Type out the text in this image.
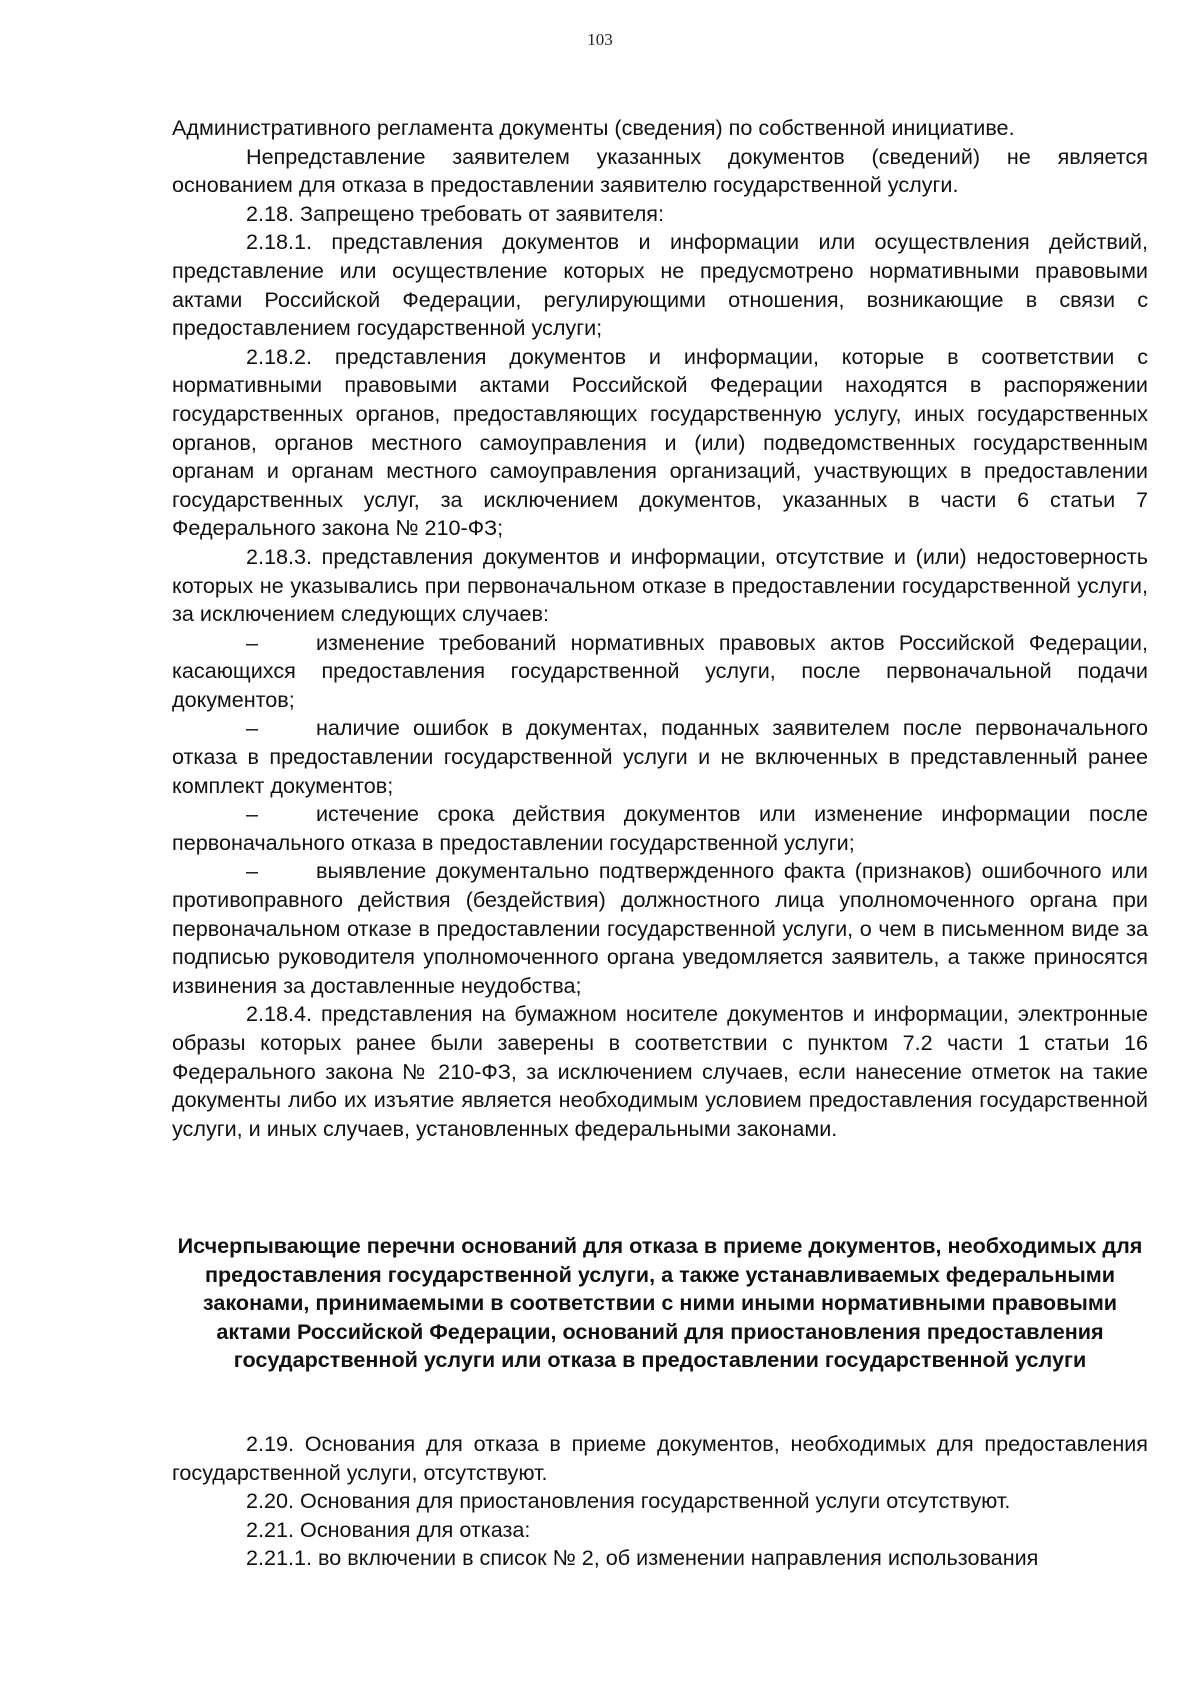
103

Административного регламента документы (сведения) по собственной инициативе.

Непредставление заявителем указанных документов (сведений) не является основанием для отказа в предоставлении заявителю государственной услуги.

2.18. Запрещено требовать от заявителя:

2.18.1. представления документов и информации или осуществления действий, представление или осуществление которых не предусмотрено нормативными правовыми актами Российской Федерации, регулирующими отношения, возникающие в связи с предоставлением государственной услуги;

2.18.2. представления документов и информации, которые в соответствии с нормативными правовыми актами Российской Федерации находятся в распоряжении государственных органов, предоставляющих государственную услугу, иных государственных органов, органов местного самоуправления и (или) подведомственных государственным органам и органам местного самоуправления организаций, участвующих в предоставлении государственных услуг, за исключением документов, указанных в части 6 статьи 7 Федерального закона № 210-ФЗ;

2.18.3. представления документов и информации, отсутствие и (или) недостоверность которых не указывались при первоначальном отказе в предоставлении государственной услуги, за исключением следующих случаев:

–	изменение требований нормативных правовых актов Российской Федерации, касающихся предоставления государственной услуги, после первоначальной подачи документов;

–	наличие ошибок в документах, поданных заявителем после первоначального отказа в предоставлении государственной услуги и не включенных в представленный ранее комплект документов;

–	истечение срока действия документов или изменение информации после первоначального отказа в предоставлении государственной услуги;

–	выявление документально подтвержденного факта (признаков) ошибочного или противоправного действия (бездействия) должностного лица уполномоченного органа при первоначальном отказе в предоставлении государственной услуги, о чем в письменном виде за подписью руководителя уполномоченного органа уведомляется заявитель, а также приносятся извинения за доставленные неудобства;

2.18.4. представления на бумажном носителе документов и информации, электронные образы которых ранее были заверены в соответствии с пунктом 7.2 части 1 статьи 16 Федерального закона № 210-ФЗ, за исключением случаев, если нанесение отметок на такие документы либо их изъятие является необходимым условием предоставления государственной услуги, и иных случаев, установленных федеральными законами.

Исчерпывающие перечни оснований для отказа в приеме документов, необходимых для предоставления государственной услуги, а также устанавливаемых федеральными законами, принимаемыми в соответствии с ними иными нормативными правовыми актами Российской Федерации, оснований для приостановления предоставления государственной услуги или отказа в предоставлении государственной услуги

2.19. Основания для отказа в приеме документов, необходимых для предоставления государственной услуги, отсутствуют.

2.20. Основания для приостановления государственной услуги отсутствуют.

2.21. Основания для отказа:

2.21.1. во включении в список № 2, об изменении направления использования
